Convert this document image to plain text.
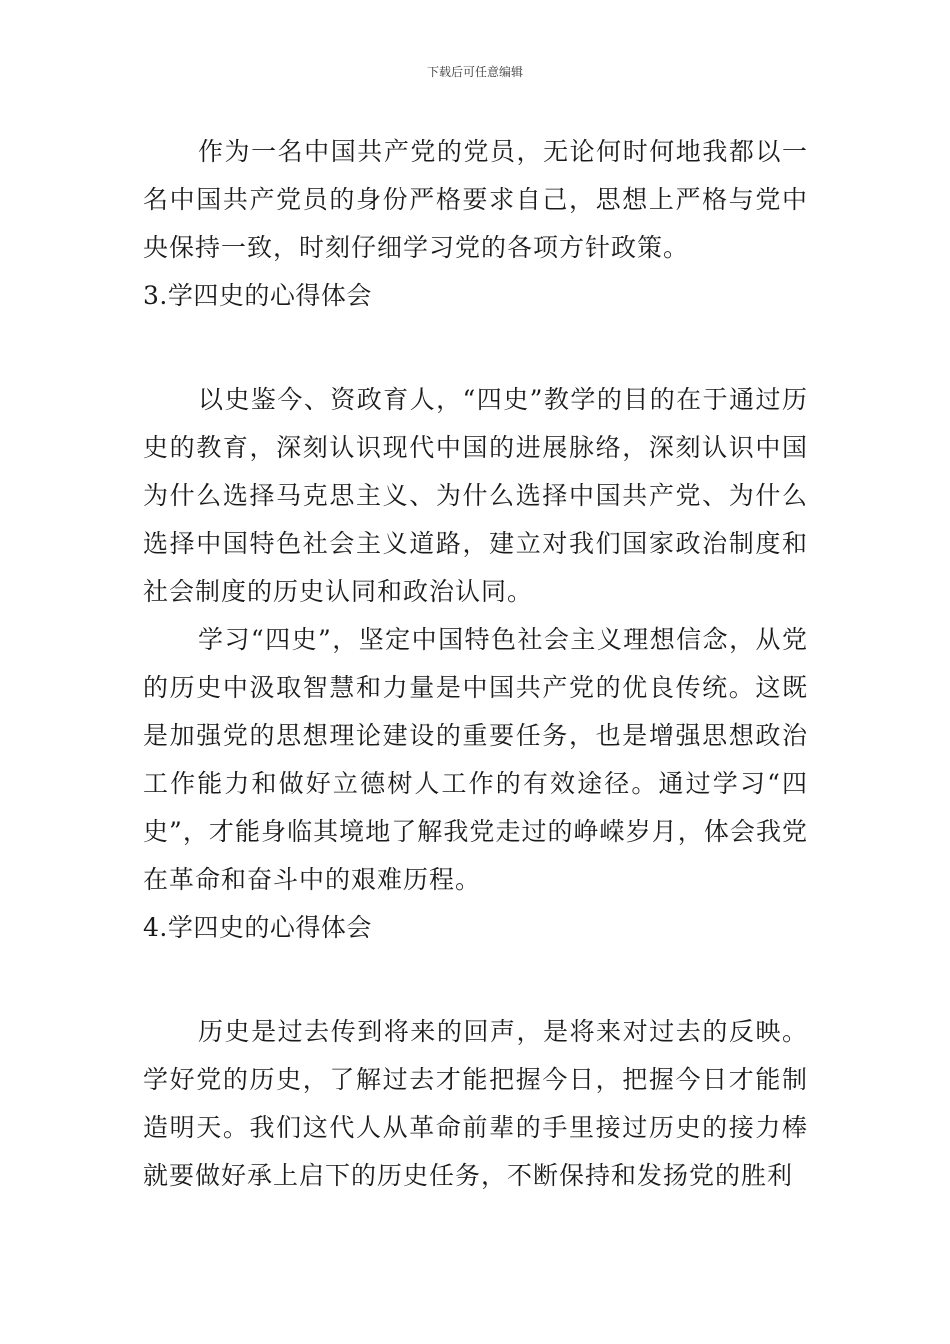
下载后可任意编辑

作为一名中国共产党的党员，无论何时何地我都以一名中国共产党员的身份严格要求自己，思想上严格与党中央保持一致，时刻仔细学习党的各项方针政策。

3.学四史的心得体会

以史鉴今、资政育人，“四史”教学的目的在于通过历史的教育，深刻认识现代中国的进展脉络，深刻认识中国为什么选择马克思主义、为什么选择中国共产党、为什么选择中国特色社会主义道路，建立对我们国家政治制度和社会制度的历史认同和政治认同。

学习“四史”，坚定中国特色社会主义理想信念，从党的历史中汲取智慧和力量是中国共产党的优良传统。这既是加强党的思想理论建设的重要任务，也是增强思想政治工作能力和做好立德树人工作的有效途径。通过学习“四史”，才能身临其境地了解我党走过的峥嵘岁月，体会我党在革命和奋斗中的艰难历程。

4.学四史的心得体会

历史是过去传到将来的回声，是将来对过去的反映。学好党的历史，了解过去才能把握今日，把握今日才能制造明天。我们这代人从革命前辈的手里接过历史的接力棒就要做好承上启下的历史任务，不断保持和发扬党的胜利
